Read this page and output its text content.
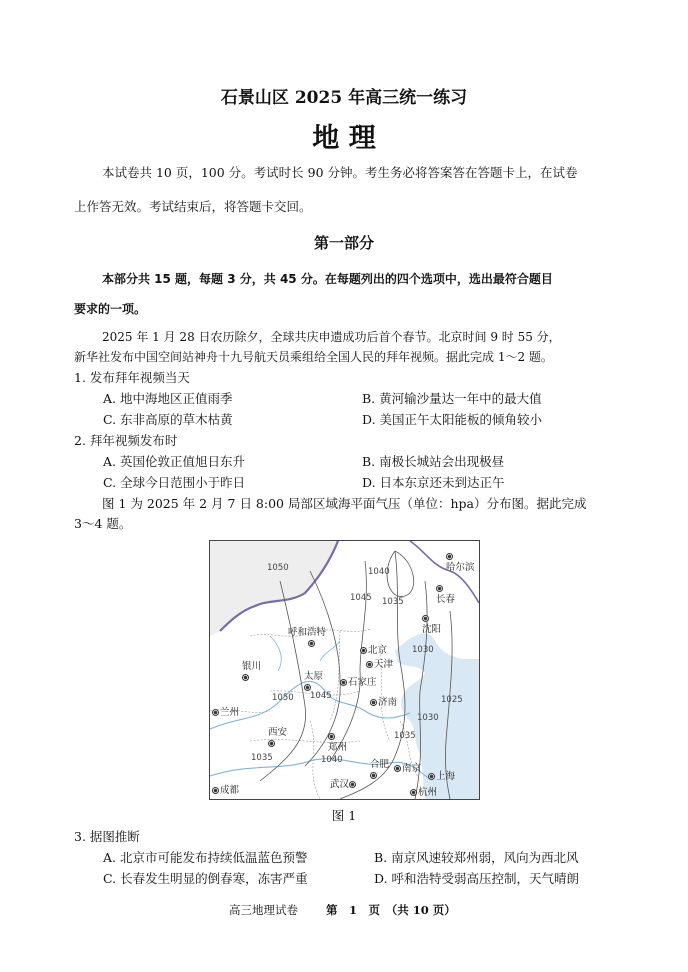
石景山区 2025 年高三统一练习
地 理
本试卷共 10 页，100 分。考试时长 90 分钟。考生务必将答案答在答题卡上，在试卷
上作答无效。考试结束后，将答题卡交回。
第一部分
本部分共 15 题，每题 3 分，共 45 分。在每题列出的四个选项中，选出最符合题目
要求的一项。
2025 年 1 月 28 日农历除夕，全球共庆申遗成功后首个春节。北京时间 9 时 55 分，
新华社发布中国空间站神舟十九号航天员乘组给全国人民的拜年视频。据此完成 1～2 题。
1. 发布拜年视频当天
A. 地中海地区正值雨季	B. 黄河输沙量达一年中的最大值
C. 东非高原的草木枯黄	D. 美国正午太阳能板的倾角较小
2. 拜年视频发布时
A. 英国伦敦正值旭日东升	B. 南极长城站会出现极昼
C. 全球今日范围小于昨日	D. 日本东京还未到达正午
图 1 为 2025 年 2 月 7 日 8:00 局部区域海平面气压（单位：hpa）分布图。据此完成
3～4 题。
1050	1040
1045 1035
1030
1025
1050 1045
1030
1035
1035	1040

哈尔滨

长春

沈阳
呼和浩特

北京
天津
银川

太原

石家庄
济南
兰州
西安

郑州
合肥	南京
上海
武汉
杭州
成都
图 1
3. 据图推断
A. 北京市可能发布持续低温蓝色预警	B. 南京风速较郑州弱，风向为西北风
C. 长春发生明显的倒春寒，冻害严重	D. 呼和浩特受弱高压控制，天气晴朗
高三地理试卷 第　1　页　（共 10 页）
